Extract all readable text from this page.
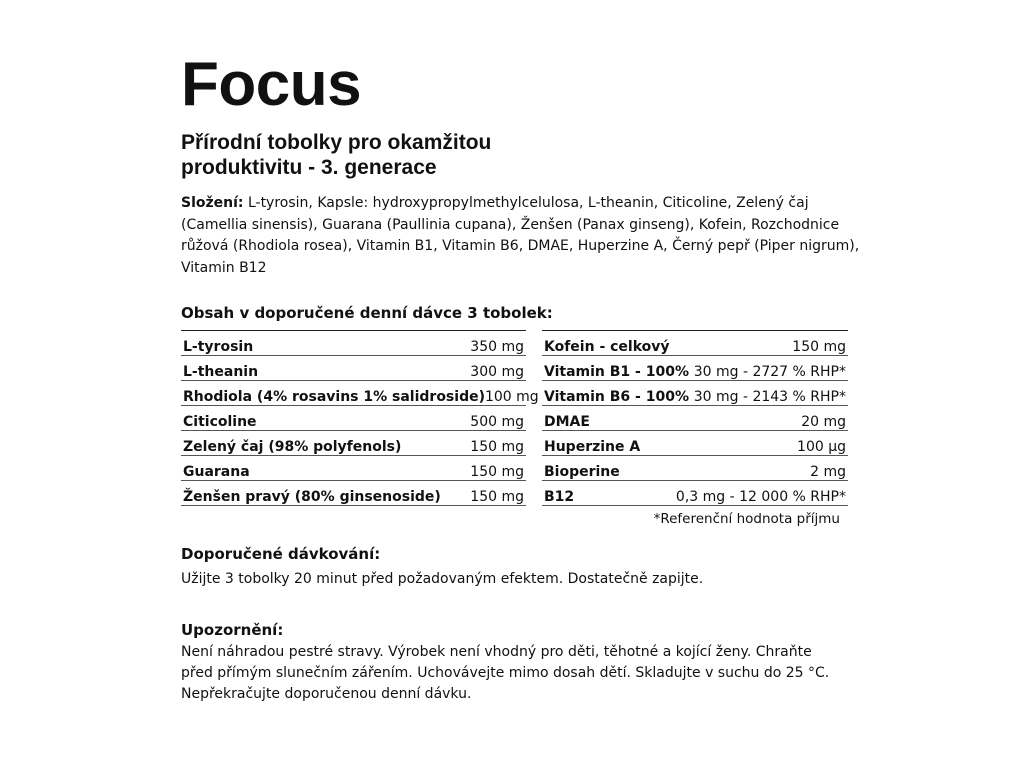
Focus
Přírodní tobolky pro okamžitou
produktivitu - 3. generace

Složení: L-tyrosin, Kapsle: hydroxypropylmethylcelulosa, L-theanin, Citicoline, Zelený čaj (Camellia sinensis), Guarana (Paullinia cupana), Ženšen (Panax ginseng), Kofein, Rozchodnice růžová (Rhodiola rosea), Vitamin B1, Vitamin B6, DMAE, Huperzine A, Černý pepř (Piper nigrum), Vitamin B12

Obsah v doporučené denní dávce 3 tobolek:
L-tyrosin	350 mg
L-theanin	300 mg
Rhodiola (4% rosavins 1% salidroside) 100 mg
Citicoline	500 mg
Zelený čaj (98% polyfenols)	150 mg
Guarana	150 mg
Ženšen pravý (80% ginsenoside) 150 mg
Kofein - celkový	150 mg
Vitamin B1 - 100% 30 mg - 2727 % RHP*
Vitamin B6 - 100% 30 mg - 2143 % RHP*
DMAE	20 mg
Huperzine A	100 µg
Bioperine	2 mg
B12	0,3 mg - 12 000 % RHP*

*Referenční hodnota příjmu

Doporučené dávkování:

Užijte 3 tobolky 20 minut před požadovaným efektem. Dostatečně zapijte.

Upozornění:

Není náhradou pestré stravy. Výrobek není vhodný pro děti, těhotné a kojící ženy. Chraňte před přímým slunečním zářením. Uchovávejte mimo dosah dětí. Skladujte v suchu do 25 °C. Nepřekračujte doporučenou denní dávku.
